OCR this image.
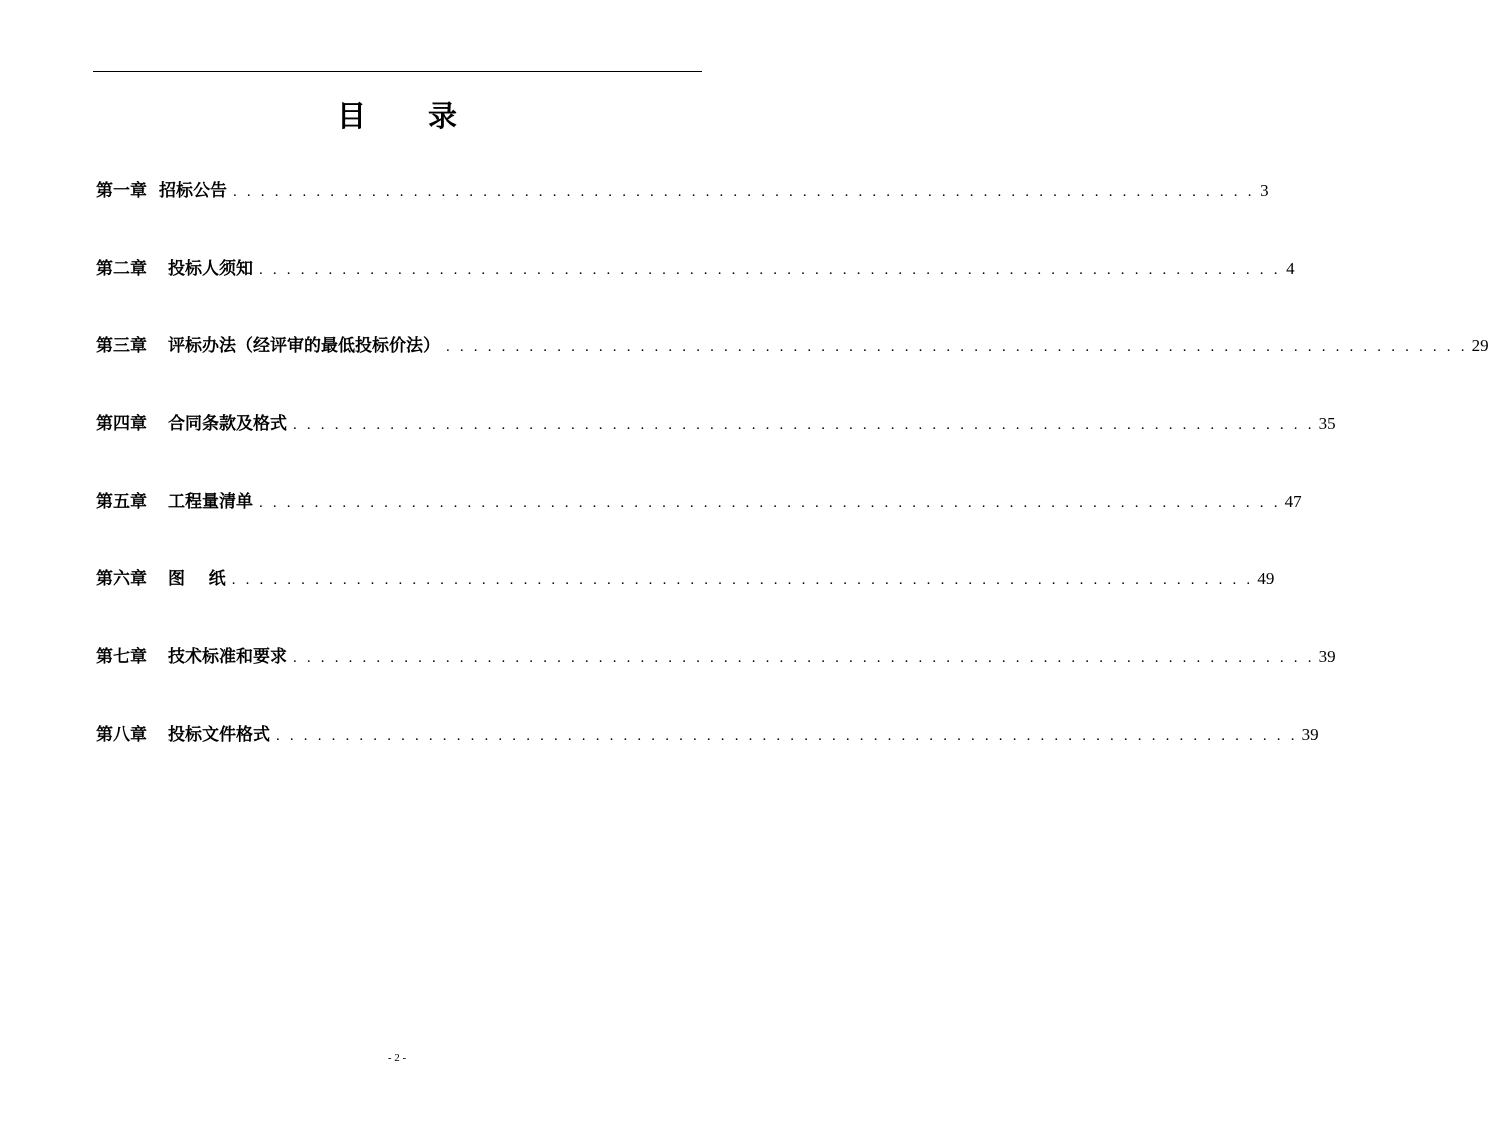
目 录
第一章 招标公告 . . . . . . . . . . . . . . . . . . . . . . . . . . . . . . . . . . . . . . . . . . . . . . . . . . . . . . . . . . . . . . . . . . . . . . . . . . 3
第二章 投标人须知 . . . . . . . . . . . . . . . . . . . . . . . . . . . . . . . . . . . . . . . . . . . . . . . . . . . . . . . . . . . . . . . . . . . . . . . . . . 4
第三章 评标办法（经评审的最低投标价法） . . . . . . . . . . . . . . . . . . . . . . . . . . . . . . . . . . . . . . . . . . . . . . . . . . . . . . . . . . . . . . . . . . . . . . . . . . 29
第四章 合同条款及格式 . . . . . . . . . . . . . . . . . . . . . . . . . . . . . . . . . . . . . . . . . . . . . . . . . . . . . . . . . . . . . . . . . . . . . . . . . . 35
第五章 工程量清单 . . . . . . . . . . . . . . . . . . . . . . . . . . . . . . . . . . . . . . . . . . . . . . . . . . . . . . . . . . . . . . . . . . . . . . . . . . 47
第六章 图    纸 . . . . . . . . . . . . . . . . . . . . . . . . . . . . . . . . . . . . . . . . . . . . . . . . . . . . . . . . . . . . . . . . . . . . . . . . . . 49
第七章 技术标准和要求 . . . . . . . . . . . . . . . . . . . . . . . . . . . . . . . . . . . . . . . . . . . . . . . . . . . . . . . . . . . . . . . . . . . . . . . . . . 39
第八章 投标文件格式 . . . . . . . . . . . . . . . . . . . . . . . . . . . . . . . . . . . . . . . . . . . . . . . . . . . . . . . . . . . . . . . . . . . . . . . . . . 39
- 2 -
